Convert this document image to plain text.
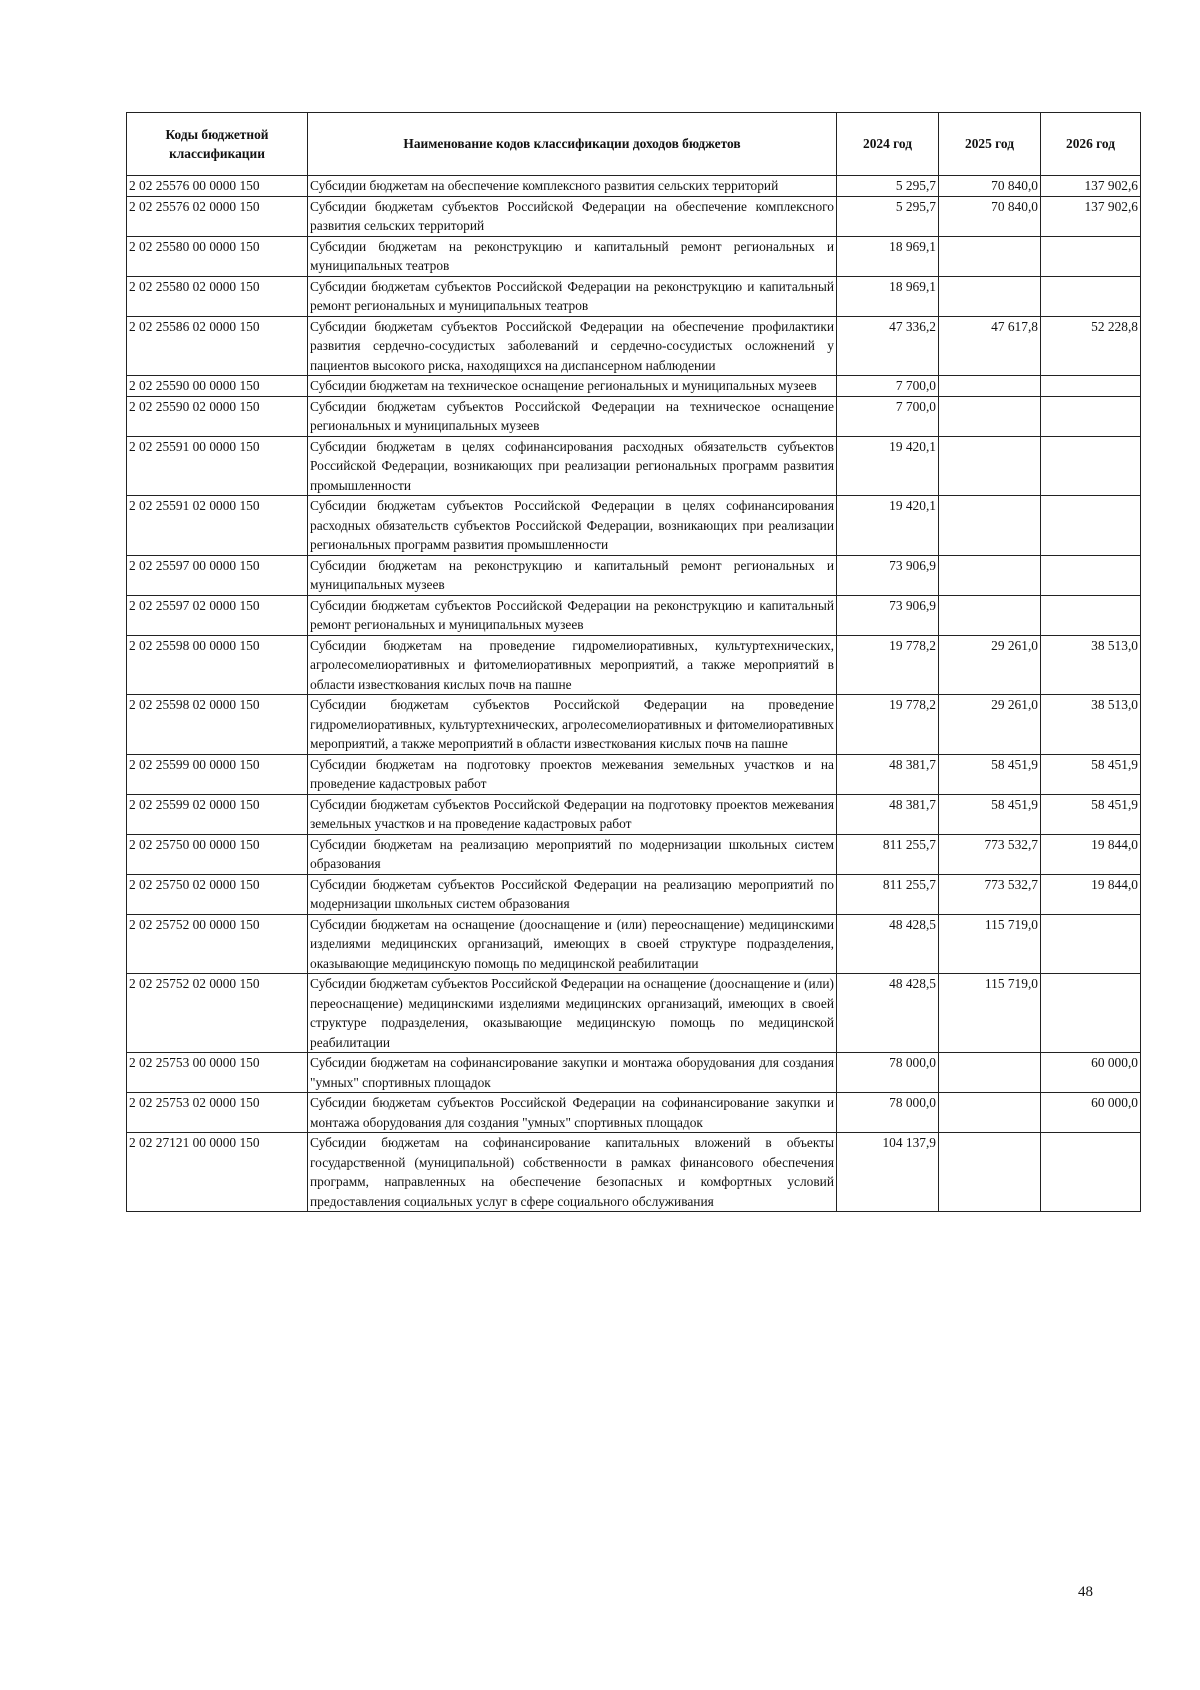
Коды бюджетной классификации	Наименование кодов классификации доходов бюджетов	2024 год	2025 год	2026 год
2 02 25576 00 0000 150	Субсидии бюджетам на обеспечение комплексного развития сельских территорий	5 295,7	70 840,0	137 902,6
2 02 25576 02 0000 150	Субсидии бюджетам субъектов Российской Федерации на обеспечение комплексного развития сельских территорий	5 295,7	70 840,0	137 902,6
2 02 25580 00 0000 150	Субсидии бюджетам на реконструкцию и капитальный ремонт региональных и муниципальных театров	18 969,1		
2 02 25580 02 0000 150	Субсидии бюджетам субъектов Российской Федерации на реконструкцию и капитальный ремонт региональных и муниципальных театров	18 969,1		
2 02 25586 02 0000 150	Субсидии бюджетам субъектов Российской Федерации на обеспечение профилактики развития сердечно-сосудистых заболеваний и сердечно-сосудистых осложнений у пациентов высокого риска, находящихся на диспансерном наблюдении	47 336,2	47 617,8	52 228,8
2 02 25590 00 0000 150	Субсидии бюджетам на техническое оснащение региональных и муниципальных музеев	7 700,0		
2 02 25590 02 0000 150	Субсидии бюджетам субъектов Российской Федерации на техническое оснащение региональных и муниципальных музеев	7 700,0		
2 02 25591 00 0000 150	Субсидии бюджетам в целях софинансирования расходных обязательств субъектов Российской Федерации, возникающих при реализации региональных программ развития промышленности	19 420,1		
2 02 25591 02 0000 150	Субсидии бюджетам субъектов Российской Федерации в целях софинансирования расходных обязательств субъектов Российской Федерации, возникающих при реализации региональных программ развития промышленности	19 420,1		
2 02 25597 00 0000 150	Субсидии бюджетам на реконструкцию и капитальный ремонт региональных и муниципальных музеев	73 906,9		
2 02 25597 02 0000 150	Субсидии бюджетам субъектов Российской Федерации на реконструкцию и капитальный ремонт региональных и муниципальных музеев	73 906,9		
2 02 25598 00 0000 150	Субсидии бюджетам на проведение гидромелиоративных, культуртехнических, агролесомелиоративных и фитомелиоративных мероприятий, а также мероприятий в области известкования кислых почв на пашне	19 778,2	29 261,0	38 513,0
2 02 25598 02 0000 150	Субсидии бюджетам субъектов Российской Федерации на проведение гидромелиоративных, культуртехнических, агролесомелиоративных и фитомелиоративных мероприятий, а также мероприятий в области известкования кислых почв на пашне	19 778,2	29 261,0	38 513,0
2 02 25599 00 0000 150	Субсидии бюджетам на подготовку проектов межевания земельных участков и на проведение кадастровых работ	48 381,7	58 451,9	58 451,9
2 02 25599 02 0000 150	Субсидии бюджетам субъектов Российской Федерации на подготовку проектов межевания земельных участков и на проведение кадастровых работ	48 381,7	58 451,9	58 451,9
2 02 25750 00 0000 150	Субсидии бюджетам на реализацию мероприятий по модернизации школьных систем образования	811 255,7	773 532,7	19 844,0
2 02 25750 02 0000 150	Субсидии бюджетам субъектов Российской Федерации на реализацию мероприятий по модернизации школьных систем образования	811 255,7	773 532,7	19 844,0
2 02 25752 00 0000 150	Субсидии бюджетам на оснащение (дооснащение и (или) переоснащение) медицинскими изделиями медицинских организаций, имеющих в своей структуре подразделения, оказывающие медицинскую помощь по медицинской реабилитации	48 428,5	115 719,0	
2 02 25752 02 0000 150	Субсидии бюджетам субъектов Российской Федерации на оснащение (дооснащение и (или) переоснащение) медицинскими изделиями медицинских организаций, имеющих в своей структуре подразделения, оказывающие медицинскую помощь по медицинской реабилитации	48 428,5	115 719,0	
2 02 25753 00 0000 150	Субсидии бюджетам на софинансирование закупки и монтажа оборудования для создания "умных" спортивных площадок	78 000,0		60 000,0
2 02 25753 02 0000 150	Субсидии бюджетам субъектов Российской Федерации на софинансирование закупки и монтажа оборудования для создания "умных" спортивных площадок	78 000,0		60 000,0
2 02 27121 00 0000 150	Субсидии бюджетам на софинансирование капитальных вложений в объекты государственной (муниципальной) собственности в рамках финансового обеспечения программ, направленных на обеспечение безопасных и комфортных условий предоставления социальных услуг в сфере социального обслуживания	104 137,9		
48
